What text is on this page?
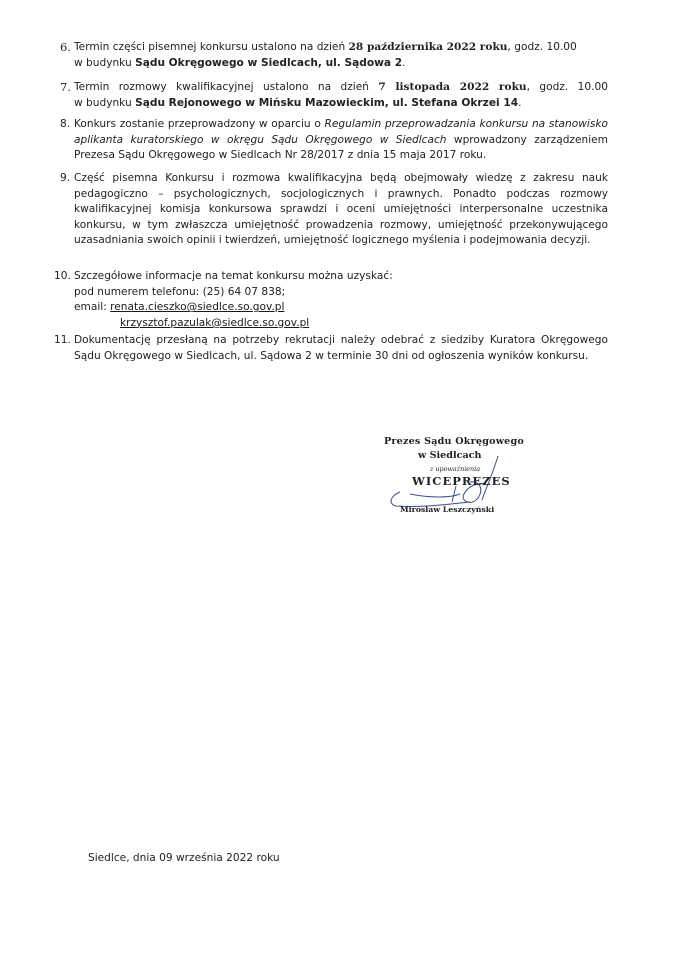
6. Termin części pisemnej konkursu ustalono na dzień 28 października 2022 roku, godz. 10.00
w budynku Sądu Okręgowego w Siedlcach, ul. Sądowa 2.
7. Termin rozmowy kwalifikacyjnej ustalono na dzień 7 listopada 2022 roku, godz. 10.00
w budynku Sądu Rejonowego w Mińsku Mazowieckim, ul. Stefana Okrzei 14.
8. Konkurs zostanie przeprowadzony w oparciu o Regulamin przeprowadzania konkursu na stanowisko aplikanta kuratorskiego w okręgu Sądu Okręgowego w Siedlcach wprowadzony zarządzeniem Prezesa Sądu Okręgowego w Siedlcach Nr 28/2017 z dnia 15 maja 2017 roku.
9. Część pisemna Konkursu i rozmowa kwalifikacyjna będą obejmowały wiedzę z zakresu nauk pedagogiczno – psychologicznych, socjologicznych i prawnych. Ponadto podczas rozmowy kwalifikacyjnej komisja konkursowa sprawdzi i oceni umiejętności interpersonalne uczestnika konkursu, w tym zwłaszcza umiejętność prowadzenia rozmowy, umiejętność przekonywującego uzasadniania swoich opinii i twierdzeń, umiejętność logicznego myślenia i podejmowania decyzji.
10. Szczegółowe informacje na temat konkursu można uzyskać:
pod numerem telefonu: (25) 64 07 838;
email: renata.cieszko@siedlce.so.gov.pl
krzysztof.pazulak@siedlce.so.gov.pl
11. Dokumentację przesłaną na potrzeby rekrutacji należy odebrać z siedziby Kuratora Okręgowego Sądu Okręgowego w Siedlcach, ul. Sądowa 2 w terminie 30 dni od ogłoszenia wyników konkursu.
Prezes Sądu Okręgowego
w Siedlcach
z upoważnienia
WICEPREZES
Mirosław Leszczyński
Siedlce, dnia 09 września 2022 roku
